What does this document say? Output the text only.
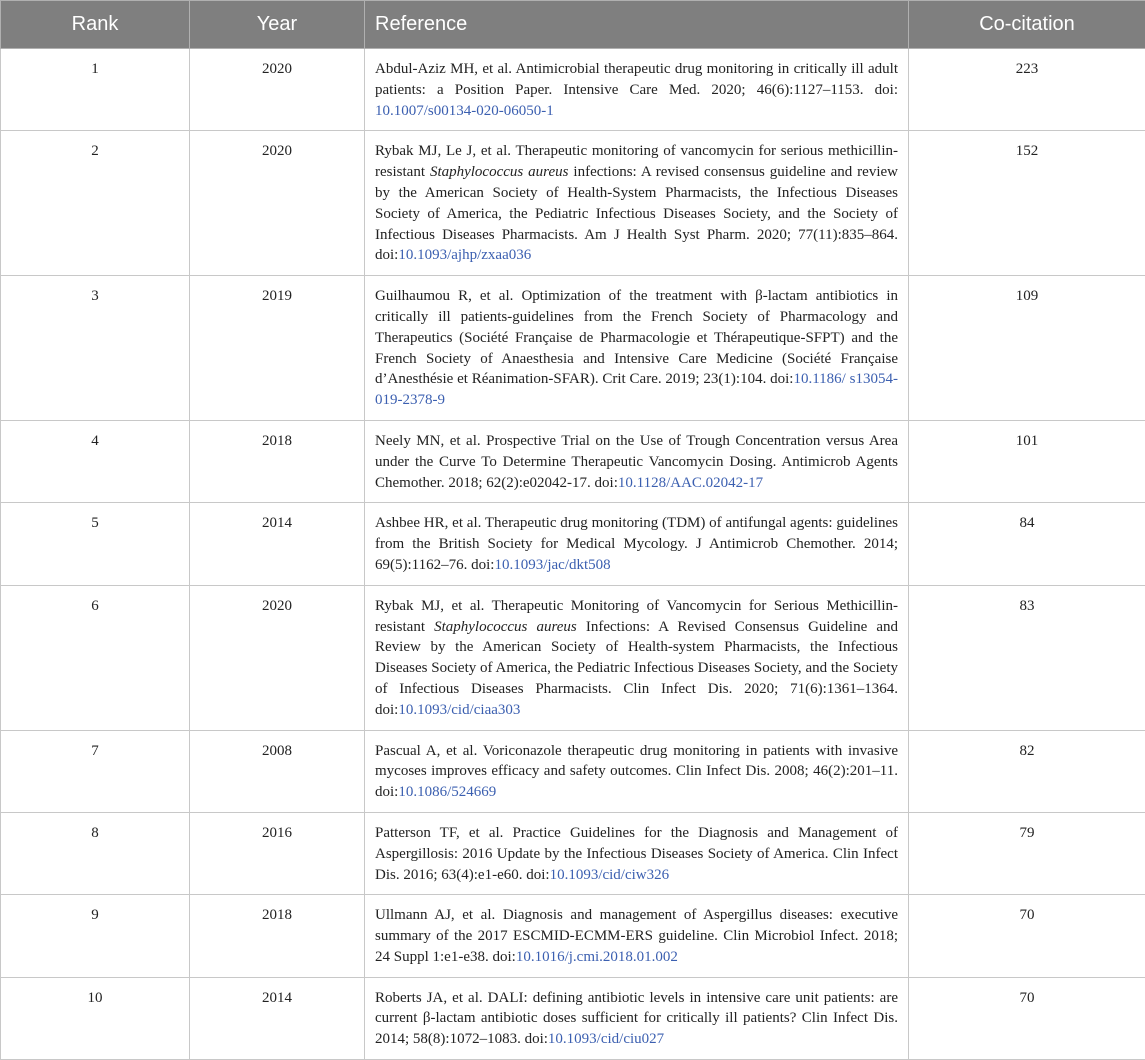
Rank	Year	Reference	Co-citation
1	2020	Abdul-Aziz MH, et al. Antimicrobial therapeutic drug monitoring in critically ill adult patients: a Position Paper. Intensive Care Med. 2020; 46(6):1127–1153. doi: 10.1007/s00134-020-06050-1	223
2	2020	Rybak MJ, Le J, et al. Therapeutic monitoring of vancomycin for serious methicillin-resistant Staphylococcus aureus infections: A revised consensus guideline and review by the American Society of Health-System Pharmacists, the Infectious Diseases Society of America, the Pediatric Infectious Diseases Society, and the Society of Infectious Diseases Pharmacists. Am J Health Syst Pharm. 2020; 77(11):835–864. doi:10.1093/ajhp/zxaa036	152
3	2019	Guilhaumou R, et al. Optimization of the treatment with β-lactam antibiotics in critically ill patients-guidelines from the French Society of Pharmacology and Therapeutics (Société Française de Pharmacologie et Thérapeutique-SFPT) and the French Society of Anaesthesia and Intensive Care Medicine (Société Française d’Anesthésie et Réanimation-SFAR). Crit Care. 2019; 23(1):104. doi:10.1186/ s13054-019-2378-9	109
4	2018	Neely MN, et al. Prospective Trial on the Use of Trough Concentration versus Area under the Curve To Determine Therapeutic Vancomycin Dosing. Antimicrob Agents Chemother. 2018; 62(2):e02042-17. doi:10.1128/AAC.02042-17	101
5	2014	Ashbee HR, et al. Therapeutic drug monitoring (TDM) of antifungal agents: guidelines from the British Society for Medical Mycology. J Antimicrob Chemother. 2014; 69(5):1162–76. doi:10.1093/jac/dkt508	84
6	2020	Rybak MJ, et al. Therapeutic Monitoring of Vancomycin for Serious Methicillin-resistant Staphylococcus aureus Infections: A Revised Consensus Guideline and Review by the American Society of Health-system Pharmacists, the Infectious Diseases Society of America, the Pediatric Infectious Diseases Society, and the Society of Infectious Diseases Pharmacists. Clin Infect Dis. 2020; 71(6):1361–1364. doi:10.1093/cid/ciaa303	83
7	2008	Pascual A, et al. Voriconazole therapeutic drug monitoring in patients with invasive mycoses improves efficacy and safety outcomes. Clin Infect Dis. 2008; 46(2):201–11. doi:10.1086/524669	82
8	2016	Patterson TF, et al. Practice Guidelines for the Diagnosis and Management of Aspergillosis: 2016 Update by the Infectious Diseases Society of America. Clin Infect Dis. 2016; 63(4):e1-e60. doi:10.1093/cid/ciw326	79
9	2018	Ullmann AJ, et al. Diagnosis and management of Aspergillus diseases: executive summary of the 2017 ESCMID-ECMM-ERS guideline. Clin Microbiol Infect. 2018; 24 Suppl 1:e1-e38. doi:10.1016/j.cmi.2018.01.002	70
10	2014	Roberts JA, et al. DALI: defining antibiotic levels in intensive care unit patients: are current β-lactam antibiotic doses sufficient for critically ill patients? Clin Infect Dis. 2014; 58(8):1072–1083. doi:10.1093/cid/ciu027	70
